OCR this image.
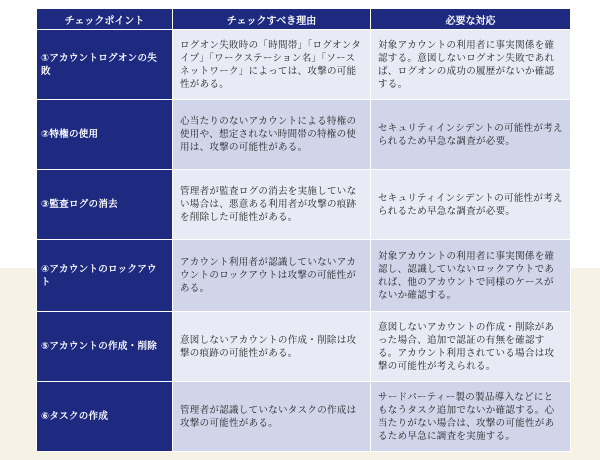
チェックポイント	チェックすべき理由	必要な対応
①アカウントログオンの失敗	ログオン失敗時の「時間帯」「ログオンタイプ」「ワークステーション名」「ソースネットワーク」によっては、攻撃の可能性がある。	対象アカウントの利用者に事実関係を確認する。意図しないログオン失敗であれば、ログオンの成功の履歴がないか確認する。
②特権の使用	心当たりのないアカウントによる特権の使用や、想定されない時間帯の特権の使用は、攻撃の可能性がある。	セキュリティインシデントの可能性が考えられるため早急な調査が必要。
③監査ログの消去	管理者が監査ログの消去を実施していない場合は、悪意ある利用者が攻撃の痕跡を削除した可能性がある。	セキュリティインシデントの可能性が考えられるため早急な調査が必要。
④アカウントのロックアウト	アカウント利用者が認識していないアカウントのロックアウトは攻撃の可能性がある。	対象アカウントの利用者に事実関係を確認し、認識していないロックアウトであれば、他のアカウントで同様のケースがないか確認する。
⑤アカウントの作成・削除	意図しないアカウントの作成・削除は攻撃の痕跡の可能性がある。	意図しないアカウントの作成・削除があった場合、追加で認証の有無を確認する。アカウント利用されている場合は攻撃の可能性が考えられる。
⑥タスクの作成	管理者が認識していないタスクの作成は攻撃の可能性がある。	サードパーティー製の製品導入などにともなうタスク追加でないか確認する。心当たりがない場合は、攻撃の可能性があるため早急に調査を実施する。
